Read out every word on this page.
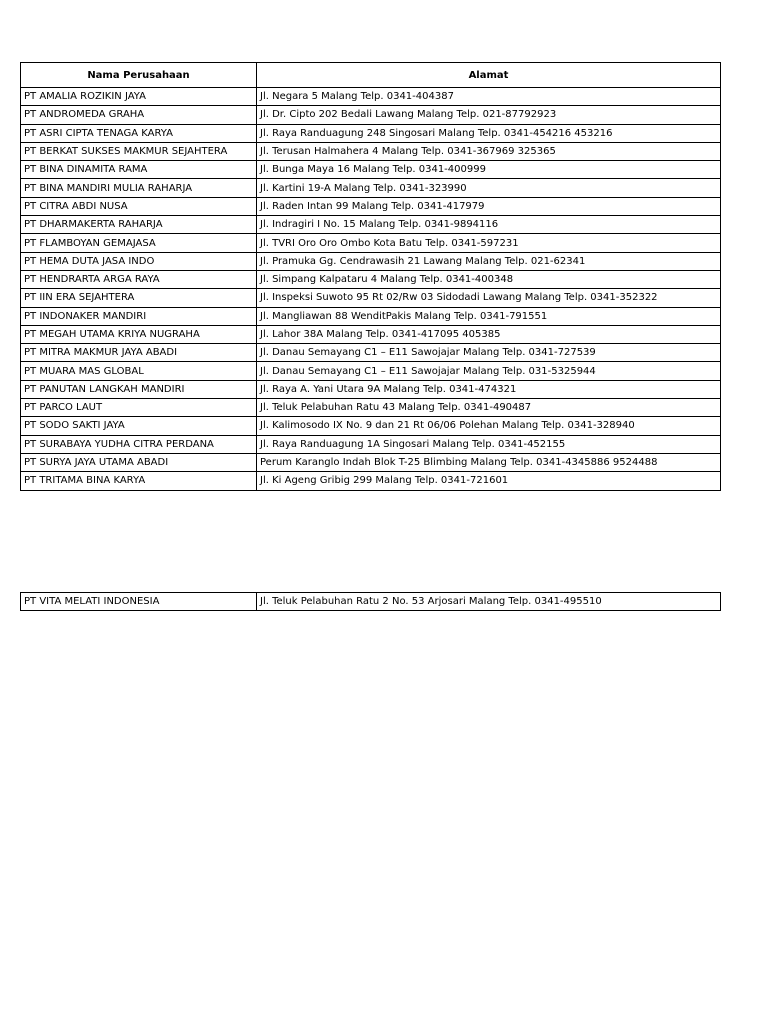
Nama Perusahaan	Alamat
PT AMALIA ROZIKIN JAYA	Jl. Negara 5 Malang Telp. 0341-404387
PT ANDROMEDA GRAHA	Jl. Dr. Cipto 202 Bedali Lawang Malang Telp. 021-87792923
PT ASRI CIPTA TENAGA KARYA	Jl. Raya Randuagung 248 Singosari Malang Telp. 0341-454216 453216
PT BERKAT SUKSES MAKMUR SEJAHTERA	Jl. Terusan Halmahera 4 Malang Telp. 0341-367969 325365
PT BINA DINAMITA RAMA	Jl. Bunga Maya 16 Malang Telp. 0341-400999
PT BINA MANDIRI MULIA RAHARJA	Jl. Kartini 19-A Malang Telp. 0341-323990
PT CITRA ABDI NUSA	Jl. Raden Intan 99 Malang Telp. 0341-417979
PT DHARMAKERTA RAHARJA	Jl. Indragiri I No. 15 Malang Telp. 0341-9894116
PT FLAMBOYAN GEMAJASA	Jl. TVRI Oro Oro Ombo Kota Batu Telp. 0341-597231
PT HEMA DUTA JASA INDO	Jl. Pramuka Gg. Cendrawasih 21 Lawang Malang Telp. 021-62341
PT HENDRARTA ARGA RAYA	Jl. Simpang Kalpataru 4 Malang Telp. 0341-400348
PT IIN ERA SEJAHTERA	Jl. Inspeksi Suwoto 95 Rt 02/Rw 03 Sidodadi Lawang Malang Telp. 0341-352322
PT INDONAKER MANDIRI	Jl. Mangliawan 88 WenditPakis Malang Telp. 0341-791551
PT MEGAH UTAMA KRIYA NUGRAHA	Jl. Lahor 38A Malang Telp. 0341-417095 405385
PT MITRA MAKMUR JAYA ABADI	Jl. Danau Semayang C1 – E11 Sawojajar Malang Telp. 0341-727539
PT MUARA MAS GLOBAL	Jl. Danau Semayang C1 – E11 Sawojajar Malang Telp. 031-5325944
PT PANUTAN LANGKAH MANDIRI	Jl. Raya A. Yani Utara 9A Malang Telp. 0341-474321
PT PARCO LAUT	Jl. Teluk Pelabuhan Ratu 43 Malang Telp. 0341-490487
PT SODO SAKTI JAYA	Jl. Kalimosodo IX No. 9 dan 21 Rt 06/06 Polehan Malang Telp. 0341-328940
PT SURABAYA YUDHA CITRA PERDANA	Jl. Raya Randuagung 1A Singosari Malang Telp. 0341-452155
PT SURYA JAYA UTAMA ABADI	Perum Karanglo Indah Blok T-25 Blimbing Malang Telp. 0341-4345886 9524488
PT TRITAMA BINA KARYA	Jl. Ki Ageng Gribig 299 Malang Telp. 0341-721601
PT VITA MELATI INDONESIA	Jl. Teluk Pelabuhan Ratu 2 No. 53 Arjosari Malang Telp. 0341-495510
